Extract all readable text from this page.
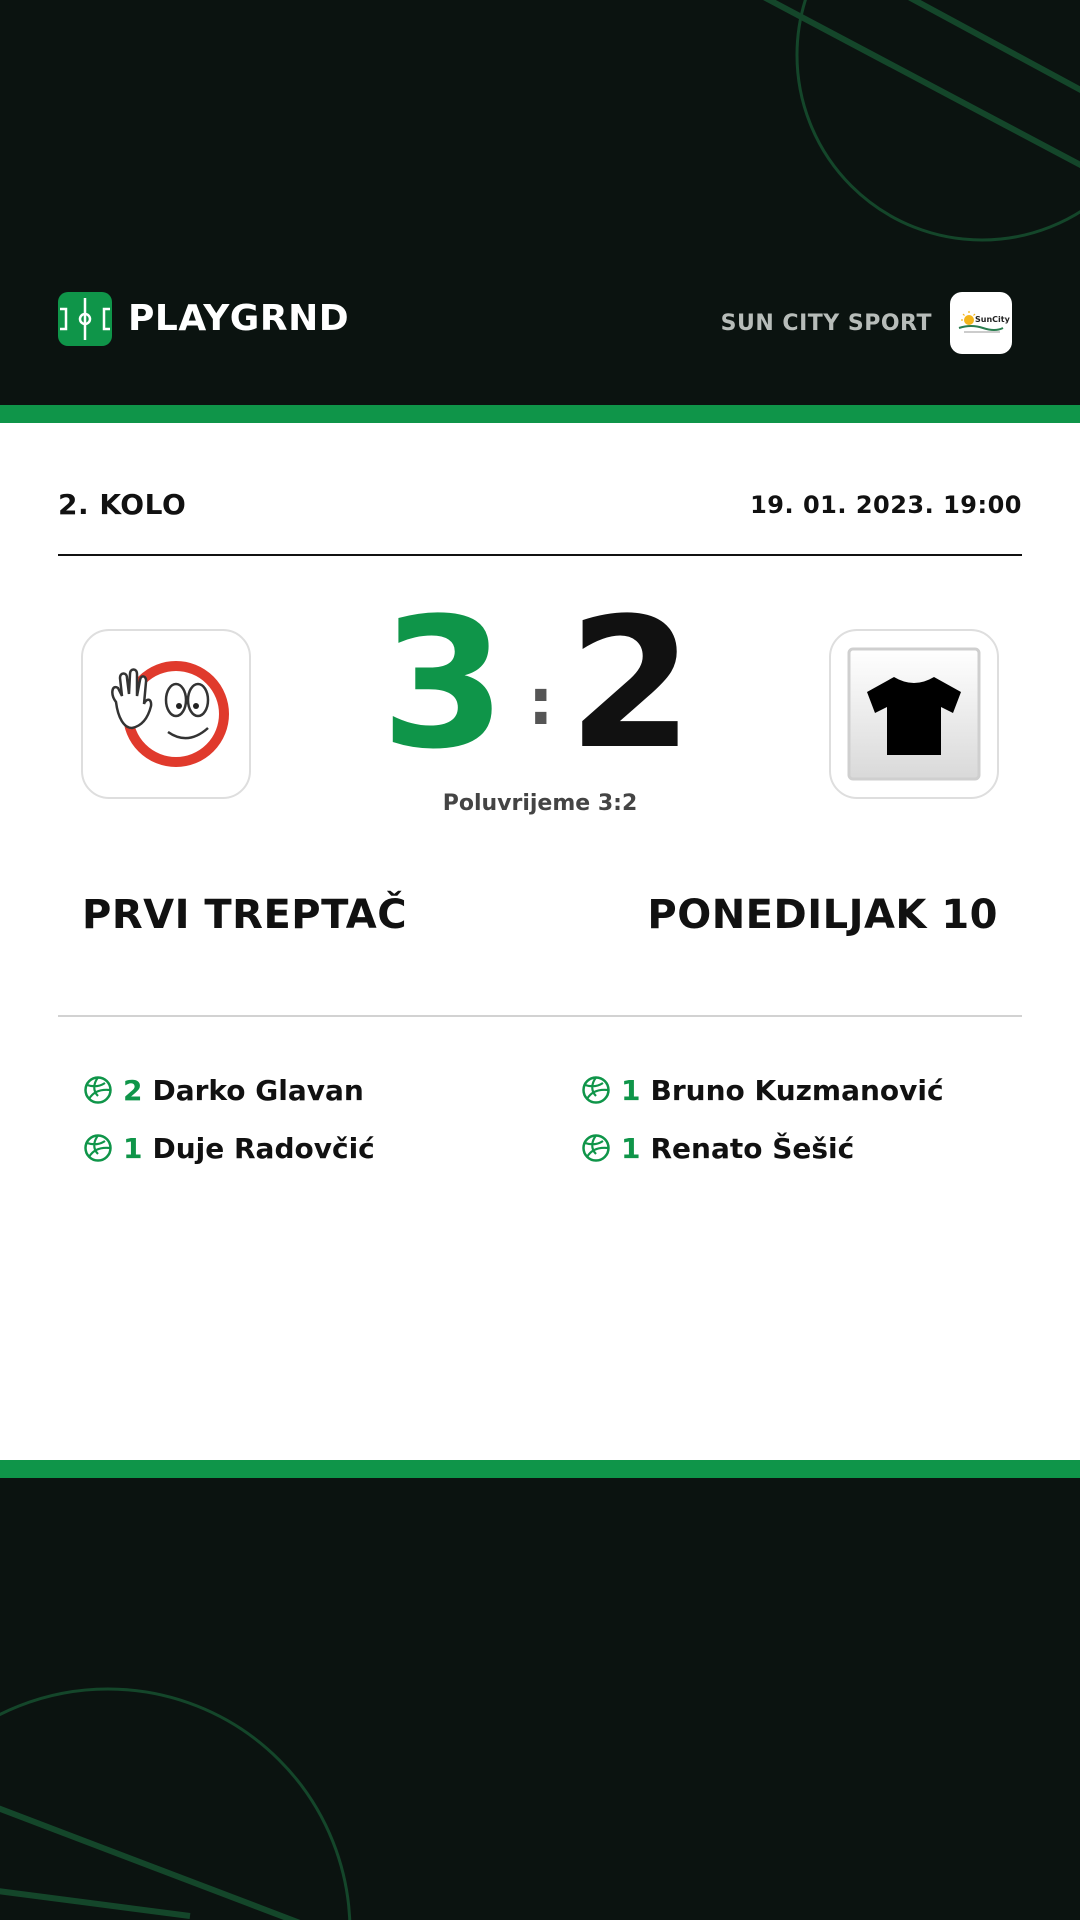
PLAYGRND	SUN CITY SPORT	SunCity
2. KOLO	19. 01. 2023. 19:00
3 : 2
Poluvrijeme 3:2
PRVI TREPTAČ	PONEDILJAK 10
2 Darko Glavan
1 Duje Radovčić
1 Bruno Kuzmanović
1 Renato Šešić
